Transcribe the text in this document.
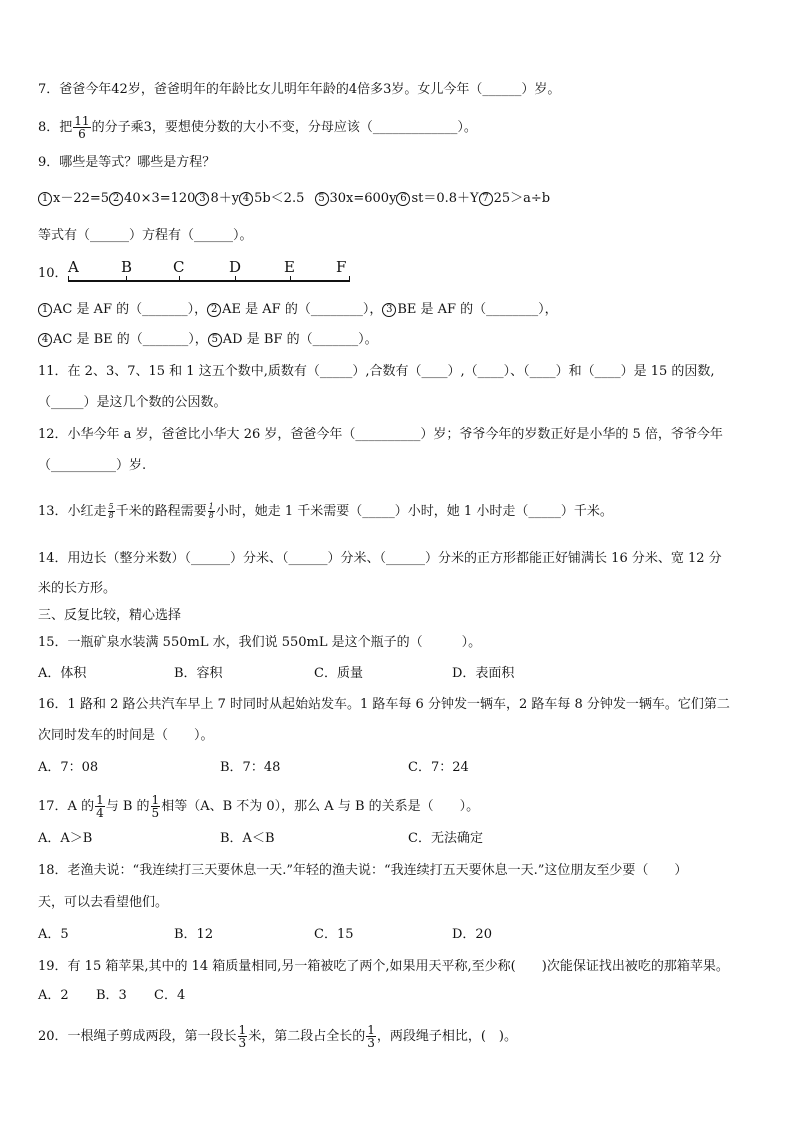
7．爸爸今年42岁，爸爸明年的年龄比女儿明年年龄的4倍多3岁。女儿今年（______）岁。
8．把 $\frac{11}{6}$ 的分子乘3，要想使分数的大小不变，分母应该（_____________）。
9．哪些是等式？哪些是方程？
1 x－22=5 2 40×3=120 3 8＋y 4 5b＜2.5 5 30x=600y 6 st＝0.8＋Y 7 25＞a÷b
等式有（______）方程有（______）。
10． A	B	C	D	E	F
1 AC 是 AF 的（_______）， 2 AE 是 AF 的（________）， 3 BE 是 AF 的（________），
4 AC 是 BE 的（_______）， 5 AD 是 BF 的（_______）。
11．在 2、3、7、15 和 1 这五个数中,质数有（_____）,合数有（____）,（____）、（____）和（____）是 15 的因数,
（_____）是这几个数的公因数。
12．小华今年 a 岁，爸爸比小华大 26 岁，爸爸今年（__________）岁；爷爷今年的岁数正好是小华的 5 倍，爷爷今年
（__________）岁.
13．小红走 $\frac{5}{8}$ 千米的路程需要 $\frac{1}{8}$ 小时，她走 1 千米需要（_____）小时，她 1 小时走（_____）千米。
14．用边长（整分米数）（______）分米、（______）分米、（______）分米的正方形都能正好铺满长 16 分米、宽 12 分
米的长方形。
三、反复比较，精心选择
15．一瓶矿泉水装满 550mL 水，我们说 550mL 是这个瓶子的（　　　）。
A．体积	B．容积	C．质量	D．表面积
16．1 路和 2 路公共汽车早上 7 时同时从起始站发车。1 路车每 6 分钟发一辆车，2 路车每 8 分钟发一辆车。它们第二
次同时发车的时间是（　　）。
A．7：08	B．7：48	C．7：24
17．A 的 $\frac{1}{4}$ 与 B 的 $\frac{1}{5}$ 相等（A、B 不为 0），那么 A 与 B 的关系是（　　）。
A．A＞B	B．A＜B	C．无法确定
18．老渔夫说：“我连续打三天要休息一天.”年轻的渔夫说：“我连续打五天要休息一天.”这位朋友至少要（　　）
天，可以去看望他们。
A．5	B．12	C．15	D．20
19．有 15 箱苹果,其中的 14 箱质量相同,另一箱被吃了两个,如果用天平称,至少称(　　)次能保证找出被吃的那箱苹果。
A．2 B．3 C．4
20．一根绳子剪成两段，第一段长 $\frac{1}{3}$ 米，第二段占全长的 $\frac{1}{3}$ ，两段绳子相比，(　)。
